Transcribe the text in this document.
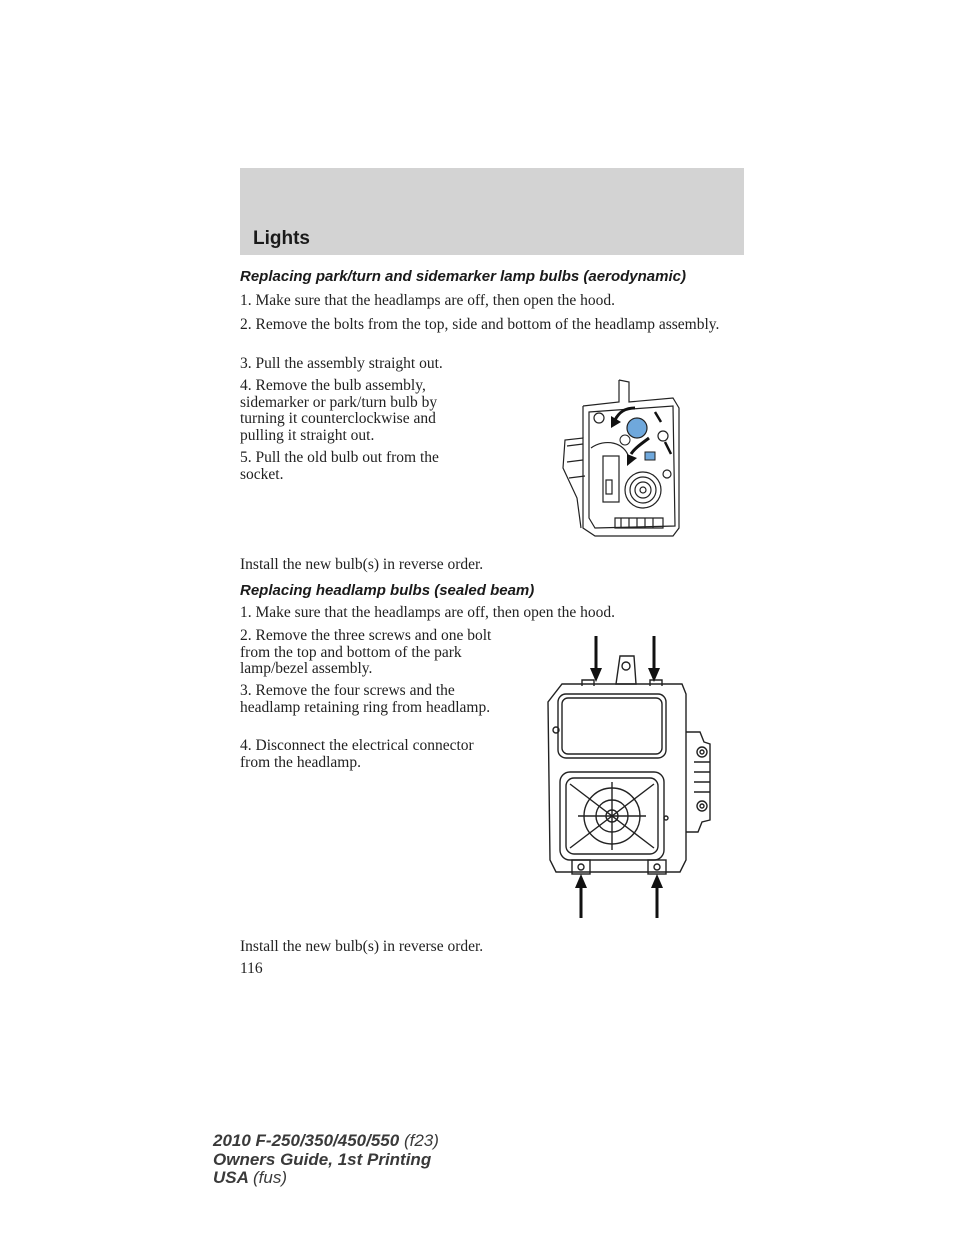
Lights
Replacing park/turn and sidemarker lamp bulbs (aerodynamic)

1. Make sure that the headlamps are off, then open the hood.

2. Remove the bolts from the top, side and bottom of the headlamp assembly.

3. Pull the assembly straight out.

4. Remove the bulb assembly, sidemarker or park/turn bulb by turning it counterclockwise and pulling it straight out.

5. Pull the old bulb out from the socket.

Install the new bulb(s) in reverse order.

Replacing headlamp bulbs (sealed beam)

1. Make sure that the headlamps are off, then open the hood.

2. Remove the three screws and one bolt from the top and bottom of the park lamp/bezel assembly.

3. Remove the four screws and the headlamp retaining ring from headlamp.

4. Disconnect the electrical connector from the headlamp.

Install the new bulb(s) in reverse order.

116

2010 F-250/350/450/550 (f23)
Owners Guide, 1st Printing
USA (fus)
